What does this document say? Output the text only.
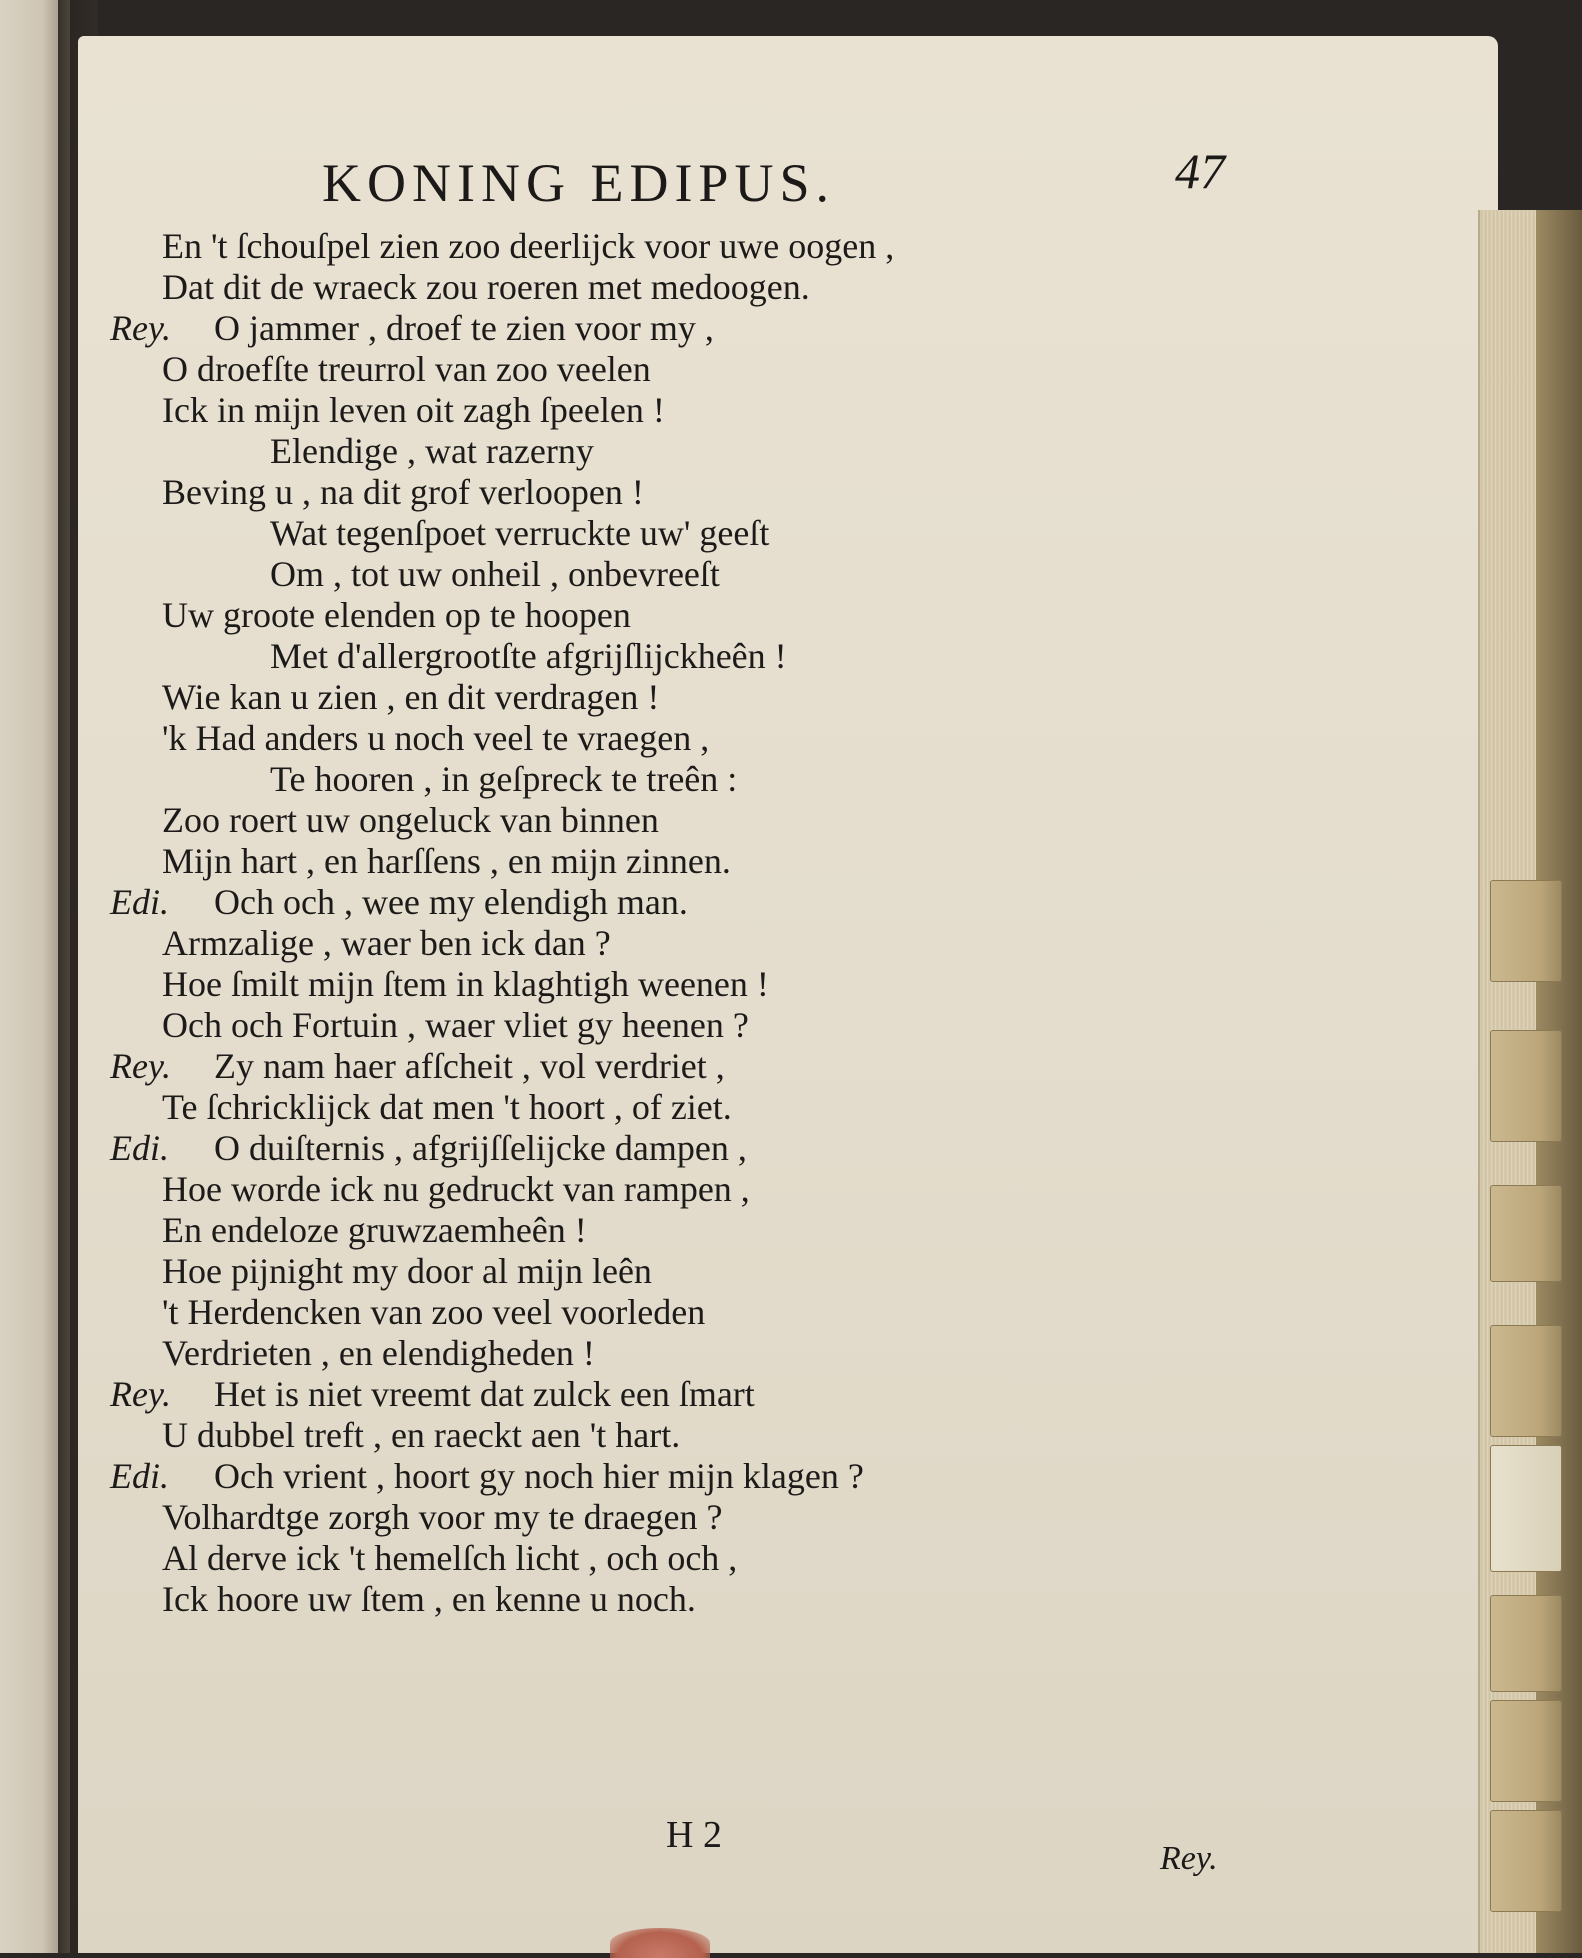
KONING EDIPUS.	47
En 't ſchouſpel zien zoo deerlijck voor uwe oogen ,
Dat dit de wraeck zou roeren met medoogen.
Rey.	O jammer , droef te zien voor my ,
O droefſte treurrol van zoo veelen
Ick in mijn leven oit zagh ſpeelen !
Elendige , wat razerny
Beving u , na dit grof verloopen !
Wat tegenſpoet verruckte uw' geeſt
Om , tot uw onheil , onbevreeſt
Uw groote elenden op te hoopen
Met d'allergrootſte afgrijſlijckheên !
Wie kan u zien , en dit verdragen !
'k Had anders u noch veel te vraegen ,
Te hooren , in geſpreck te treên :
Zoo roert uw ongeluck van binnen
Mijn hart , en harſſens , en mijn zinnen.
Edi.	Och och , wee my elendigh man.
Armzalige , waer ben ick dan ?
Hoe ſmilt mijn ſtem in klaghtigh weenen !
Och och Fortuin , waer vliet gy heenen ?
Rey.	Zy nam haer afſcheit , vol verdriet ,
Te ſchricklijck dat men 't hoort , of ziet.
Edi.	O duiſternis , afgrijſſelijcke dampen ,
Hoe worde ick nu gedruckt van rampen ,
En endeloze gruwzaemheên !
Hoe pijnight my door al mijn leên
't Herdencken van zoo veel voorleden
Verdrieten , en elendigheden !
Rey.	Het is niet vreemt dat zulck een ſmart
U dubbel treft , en raeckt aen 't hart.
Edi.	Och vrient , hoort gy noch hier mijn klagen ?
Volhardtge zorgh voor my te draegen ?
Al derve ick 't hemelſch licht , och och ,
Ick hoore uw ſtem , en kenne u noch.
H 2
Rey.
